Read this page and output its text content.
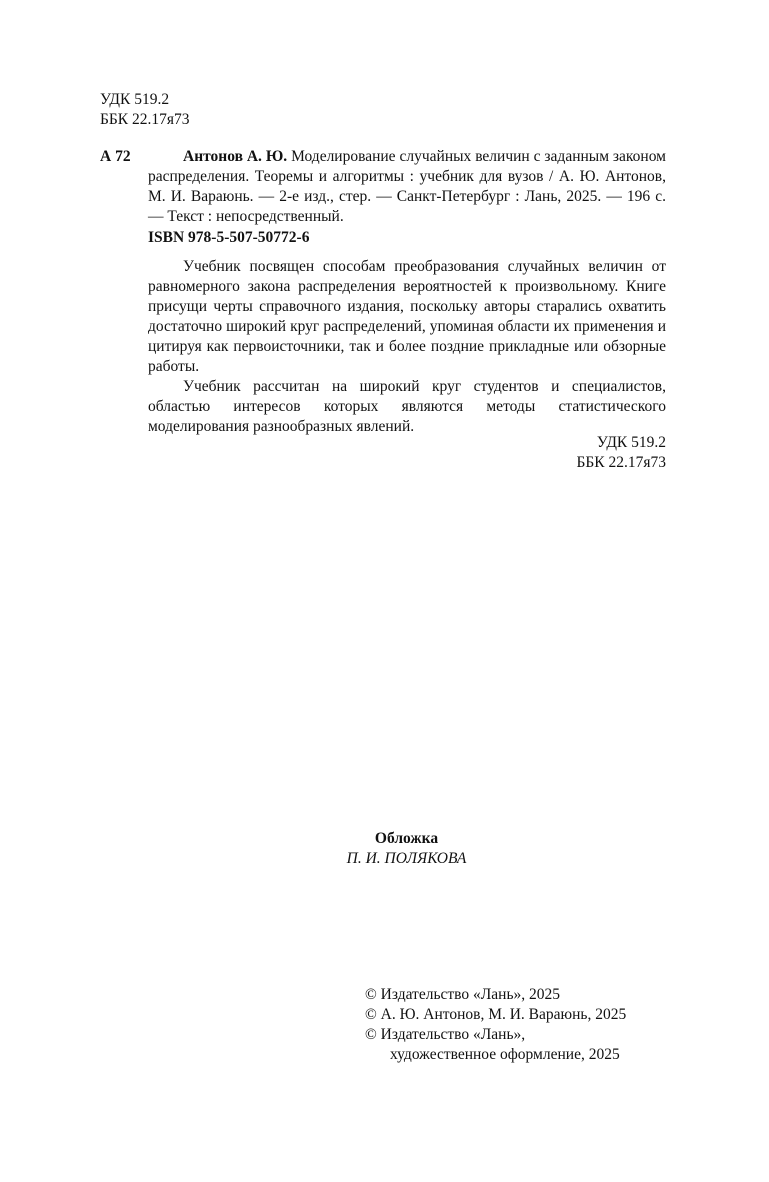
УДК 519.2
ББК 22.17я73
А 72	Антонов А. Ю. Моделирование случайных величин с заданным законом распределения. Теоремы и алгоритмы : учебник для вузов / А. Ю. Антонов, М. И. Вараюнь. — 2-е изд., стер. — Санкт-Петербург : Лань, 2025. — 196 с. — Текст : непосредственный.
ISBN 978-5-507-50772-6

Учебник посвящен способам преобразования случайных величин от равномерного закона распределения вероятностей к произвольному. Книге присущи черты справочного издания, поскольку авторы старались охватить достаточно широкий круг распределений, упоминая области их применения и цитируя как первоисточники, так и более поздние прикладные или обзорные работы.

Учебник рассчитан на широкий круг студентов и специалистов, областью интересов которых являются методы статистического моделирования разнообразных явлений.

УДК 519.2
ББК 22.17я73
Обложка
П. И. ПОЛЯКОВА
© Издательство «Лань», 2025
© А. Ю. Антонов, М. И. Вараюнь, 2025
© Издательство «Лань»,
художественное оформление, 2025
